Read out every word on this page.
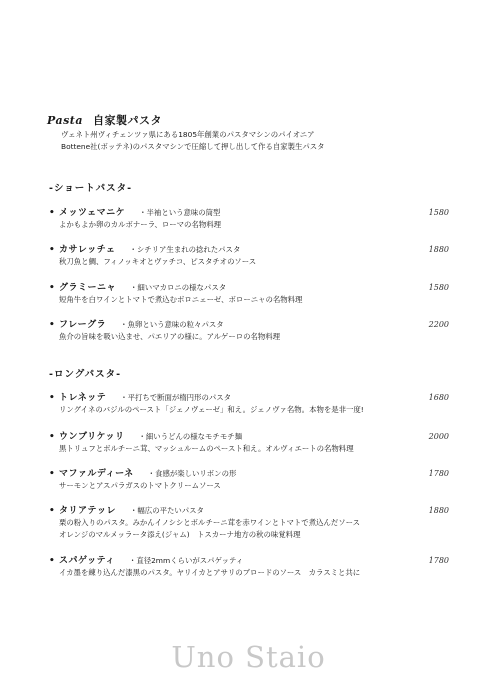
Pasta 自家製パスタ
ヴェネト州ヴィチェンツァ県にある1805年創業のパスタマシンのパイオニア
Bottene社(ボッテネ)のパスタマシンで圧縮して押し出して作る自家製生パスタ
-ショートパスタ-
• メッツェマニケ ・半袖という意味の筒型	1580
よかもよか卵のカルボナーラ、ローマの名物料理
• カサレッチェ ・シチリア生まれの捻れたパスタ	1880
秋刀魚と鯛、フィノッキオとヴァチコ、ピスタチオのソース
• グラミーニャ ・細いマカロニの様なパスタ	1580
短角牛を白ワインとトマトで煮込むボロニェーゼ、ボローニャの名物料理
• フレーグラ ・魚卵という意味の粒々パスタ	2200
魚介の旨味を吸い込ませ、パエリアの様に。アルゲーロの名物料理
-ロングパスタ-
• トレネッテ ・平打ちで断面が楕円形のパスタ	1680
リングイネのバジルのペースト「ジェノヴェーゼ」和え。ジェノヴァ名物。本物を是非一度!
• ウンブリケッリ ・細いうどんの様なモチモチ麺	2000
黒トリュフとボルチーニ茸、マッシュルームのペースト和え。オルヴィエートの名物料理
• マファルディーネ ・食感が楽しいリボンの形	1780
サーモンとアスパラガスのトマトクリームソース
• タリアテッレ ・幅広の平たいパスタ	1880
栗の粉入りのパスタ。みかんイノシシとボルチーニ茸を赤ワインとトマトで煮込んだソース
オレンジのマルメッラータ添え(ジャム)　トスカーナ地方の秋の味覚料理
• スパゲッティ ・直径2mmくらいがスパゲッティ	1780
イカ墨を練り込んだ漆黒のパスタ。ヤリイカとアサリのブロードのソース　カラスミと共に
Uno Staio
